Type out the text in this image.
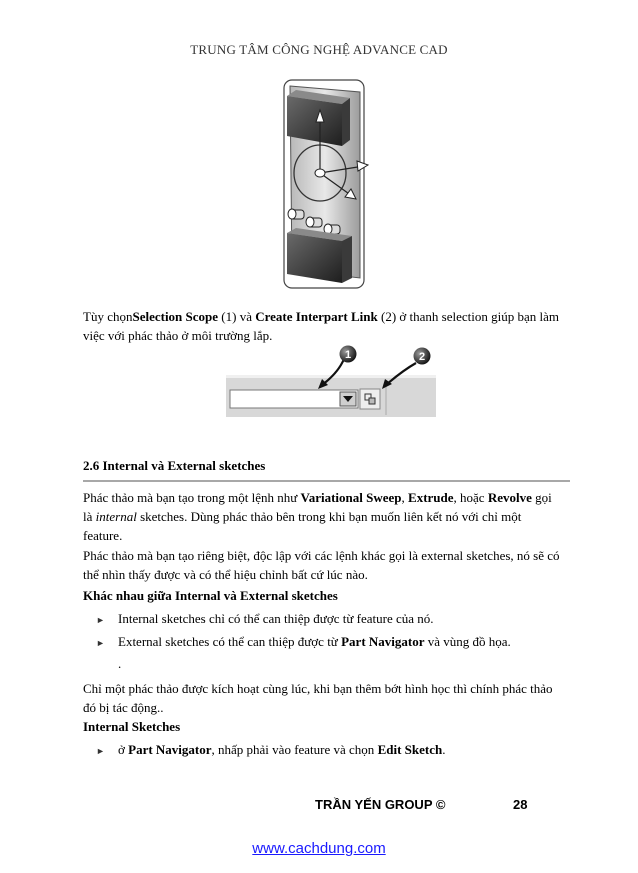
TRUNG TÂM CÔNG NGHỆ ADVANCE CAD

Tùy chọnSelection Scope (1) và Create Interpart Link (2) ở thanh selection giúp bạn làm việc với phác thảo ở môi trường lắp.

1	2
2.6 Internal và External sketches

Phác thảo mà bạn tạo trong một lệnh như Variational Sweep, Extrude, hoặc Revolve gọi là internal sketches. Dùng phác thảo bên trong khi bạn muốn liên kết nó với chỉ một feature.

Phác thảo mà bạn tạo riêng biệt, độc lập với các lệnh khác gọi là external sketches, nó sẽ có thể nhìn thấy được và có thể hiệu chỉnh bất cứ lúc nào.

Khác nhau giữa Internal và External sketches
► Internal sketches chỉ có thể can thiệp được từ feature của nó.
► External sketches có thể can thiệp được từ Part Navigator và vùng đồ họa.
.

Chỉ một phác thảo được kích hoạt cùng lúc, khi bạn thêm bớt hình học thì chính phác thảo đó bị tác động..

Internal Sketches
► ở Part Navigator, nhấp phải vào feature và chọn Edit Sketch.
TRẦN YẾN GROUP ©	28
www.cachdung.com
